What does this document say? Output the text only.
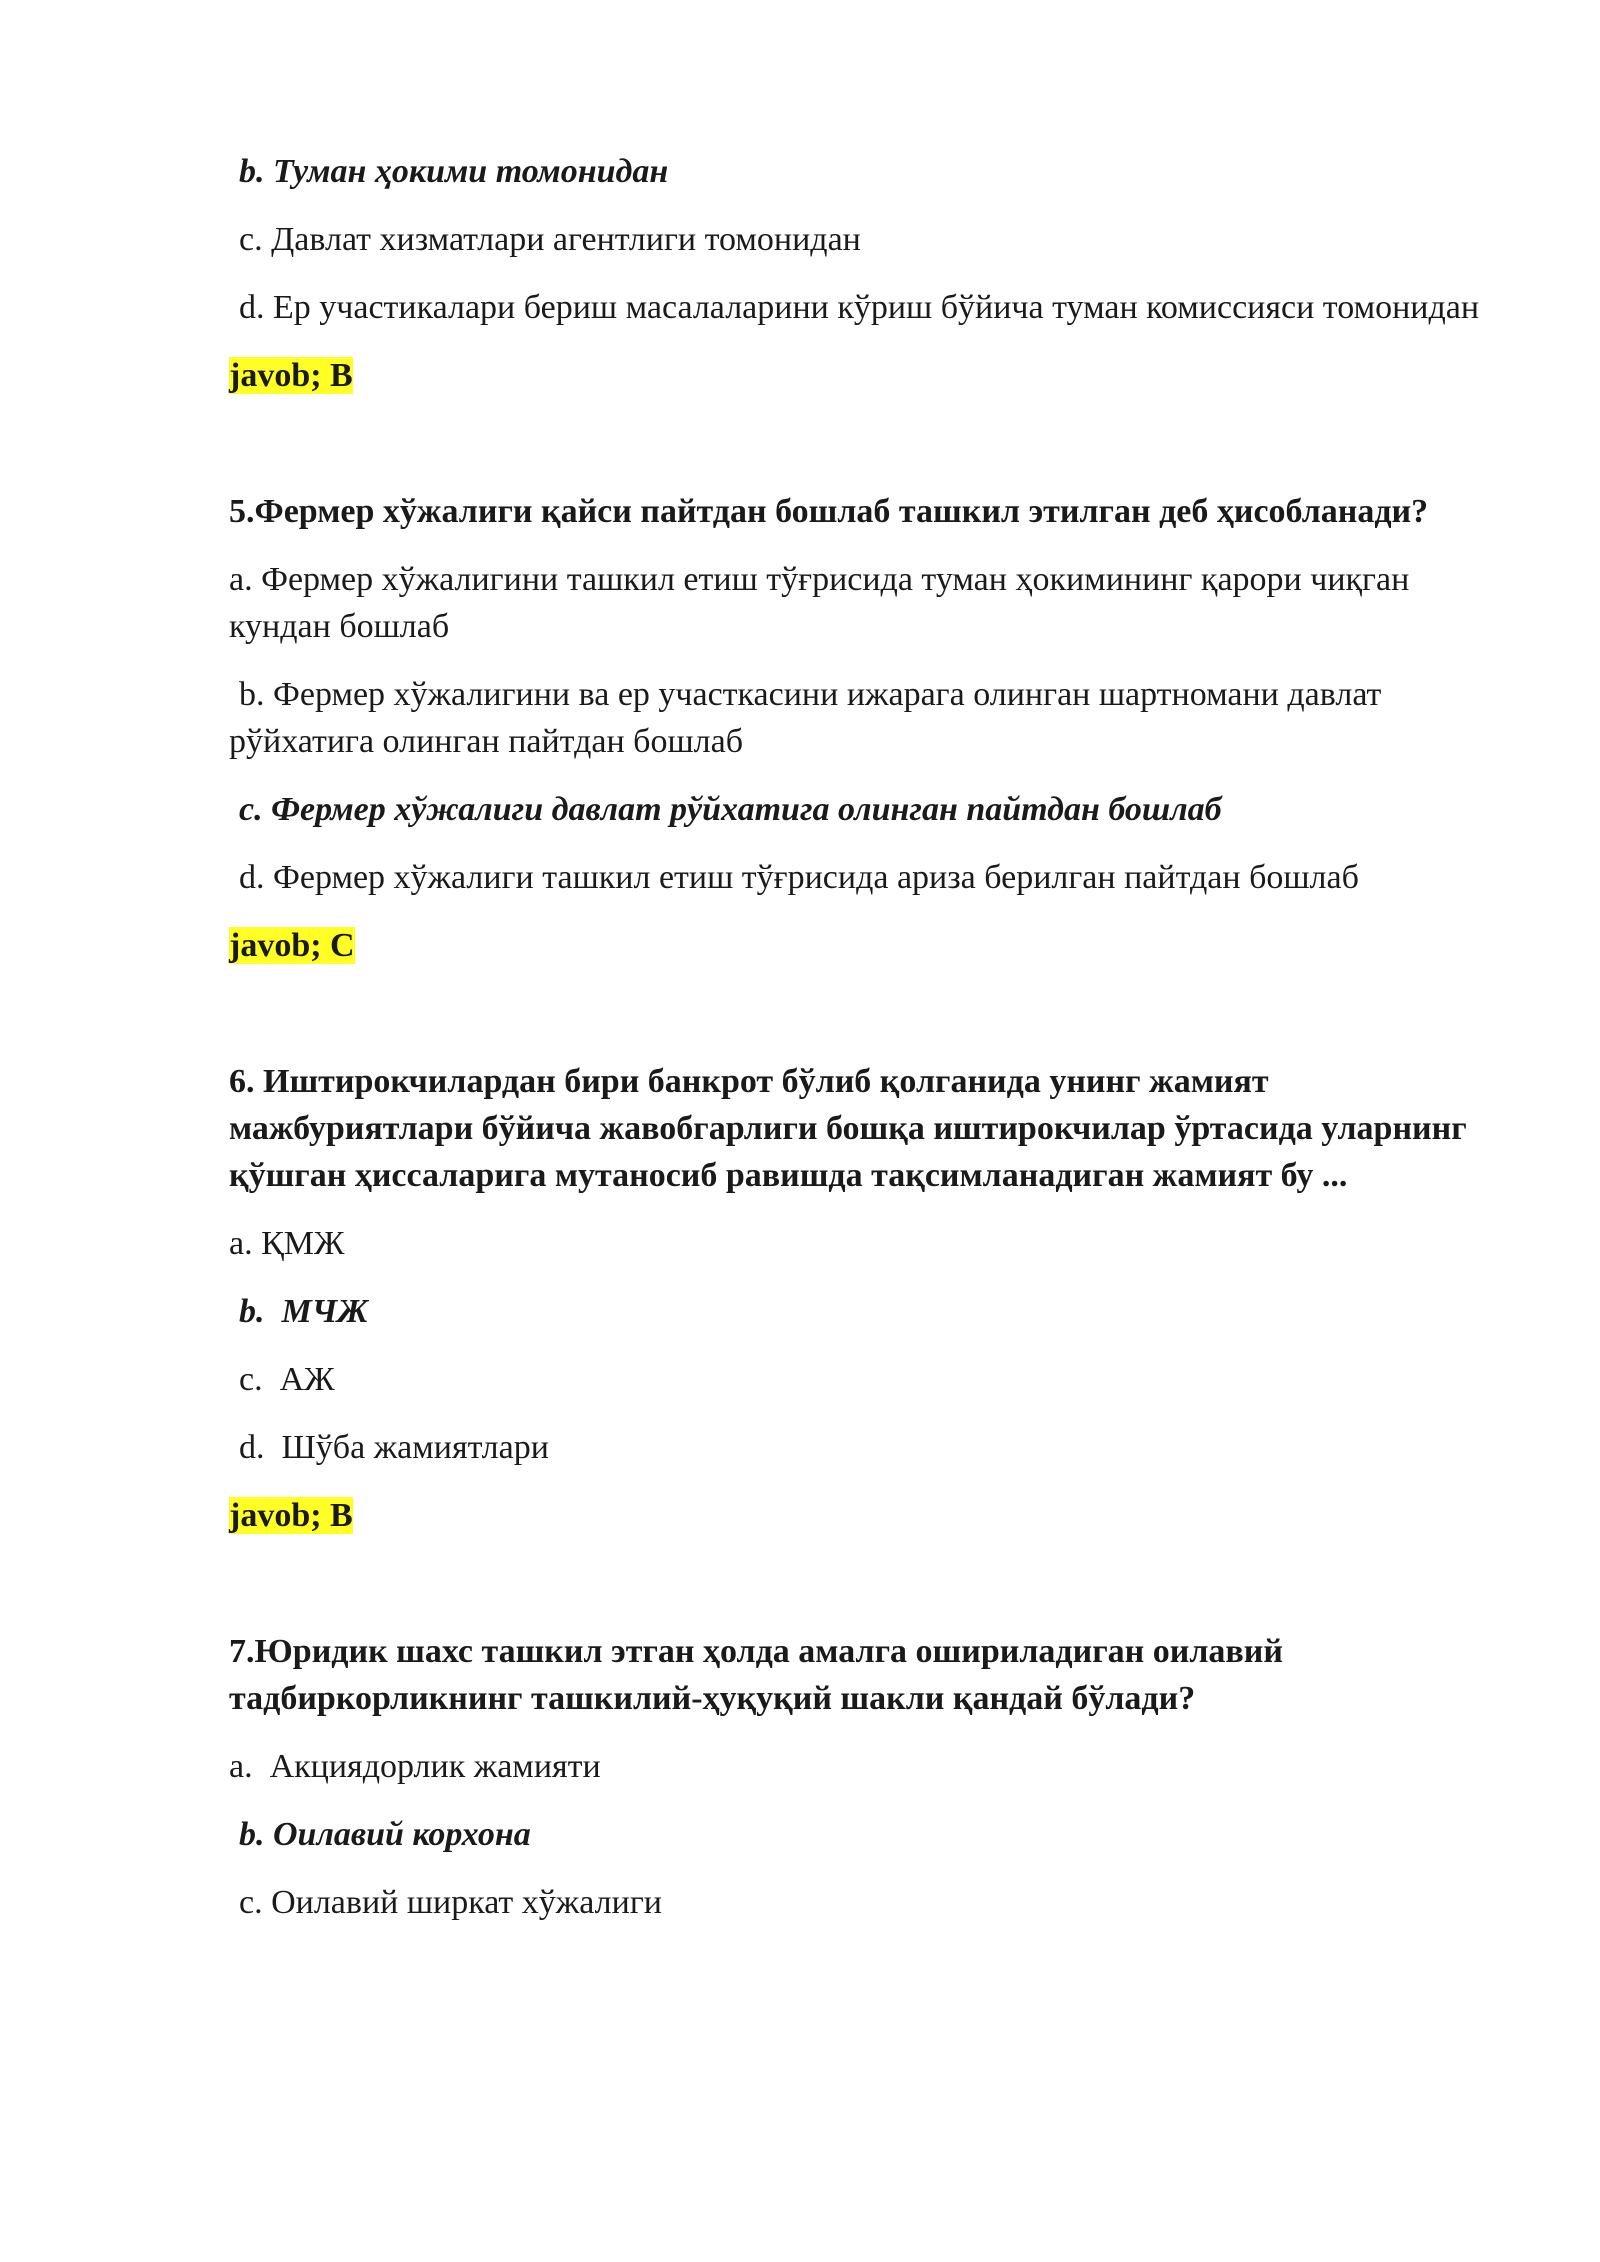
b. Туман ҳокими томонидан

c. Давлат хизматлари агентлиги томонидан

d. Ер участикалари бериш масалаларини кўриш бўйича туман комиссияси томонидан

javob; B

5.Фермер хўжалиги қайси пайтдан бошлаб ташкил этилган деб ҳисобланади?

a. Фермер хўжалигини ташкил етиш тўғрисида туман ҳокимининг қарори чиқган кундан бошлаб

b. Фермер хўжалигини ва ер участкасини ижарага олинган шартномани давлат рўйхатига олинган пайтдан бошлаб

c. Фермер хўжалиги давлат рўйхатига олинган пайтдан бошлаб

d. Фермер хўжалиги ташкил етиш тўғрисида ариза берилган пайтдан бошлаб

javob; C

6. Иштирокчилардан бири банкрот бўлиб қолганида унинг жамият мажбуриятлари бўйича жавобгарлиги бошқа иштирокчилар ўртасида уларнинг қўшган ҳиссаларига мутаносиб равишда тақсимланадиган жамият бу ...

a. ҚМЖ

b.  МЧЖ

c.  АЖ

d.  Шўба жамиятлари

javob; B

7.Юридик шахс ташкил этган ҳолда амалга ошириладиган оилавий тадбиркорликнинг ташкилий-ҳуқуқий шакли қандай бўлади?

a.  Акциядорлик жамияти

b. Оилавий корхона

c. Оилавий ширкат хўжалиги
